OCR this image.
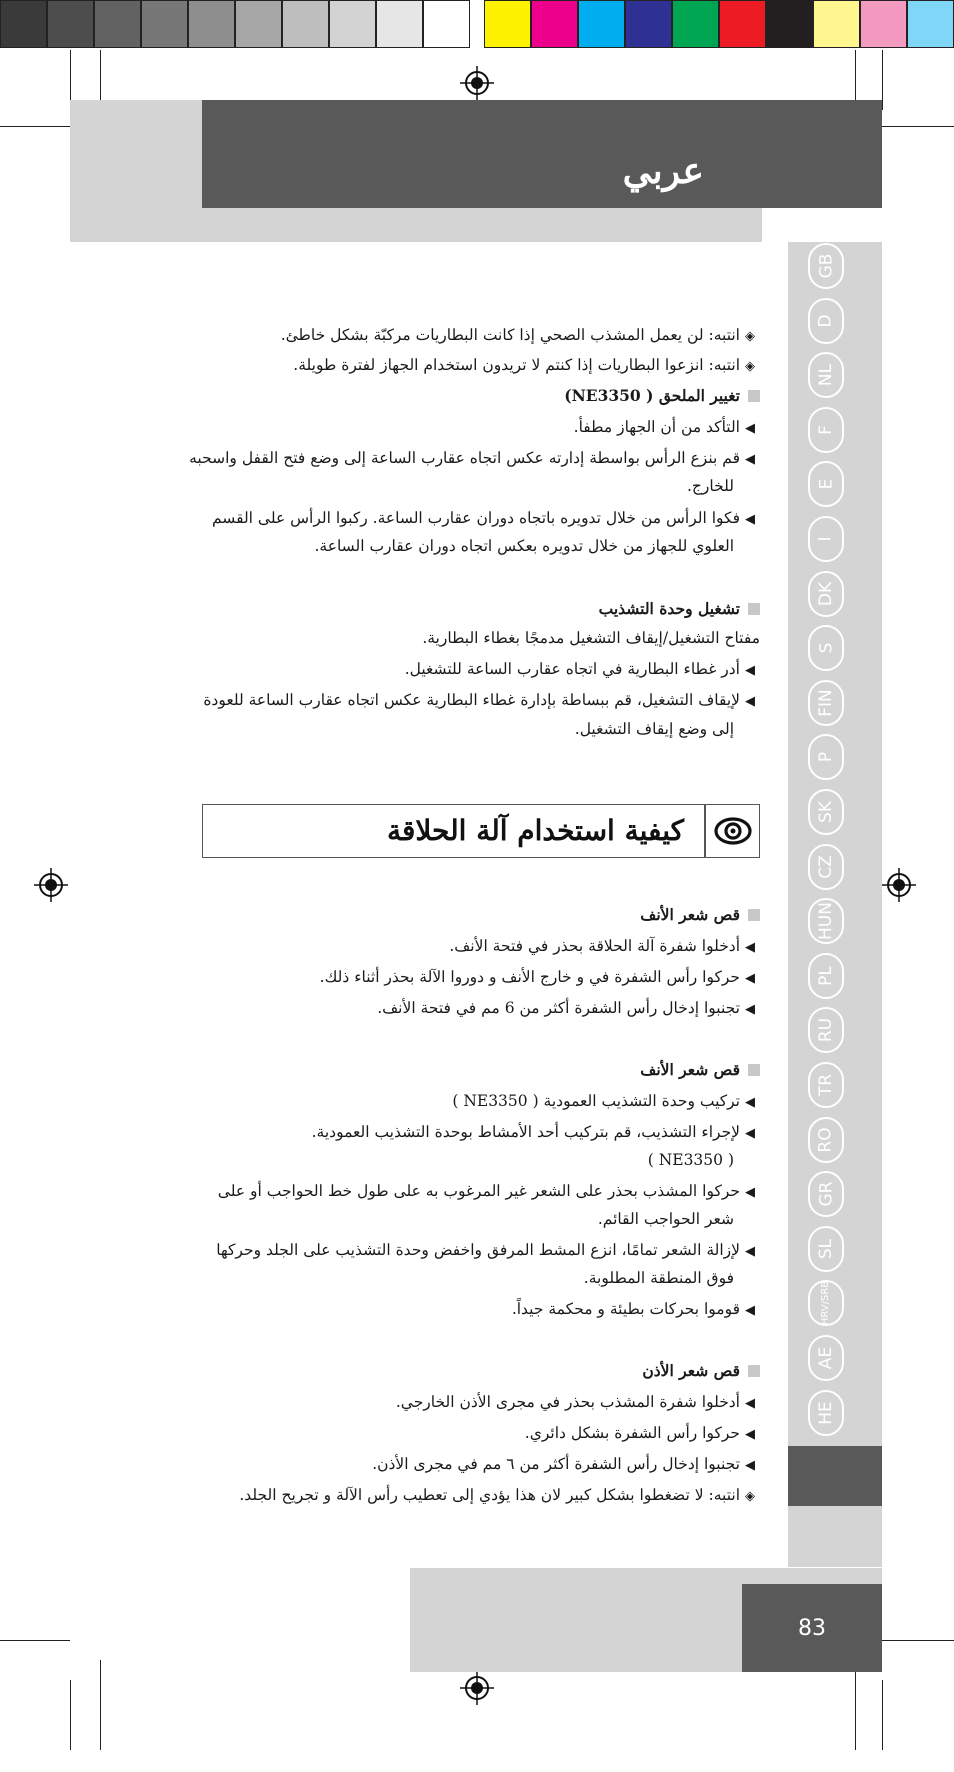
عربي
GB
D
NL
F
E
I
DK
S
FIN
P
SK
CZ
HUN
PL
RU
TR
RO
GR
SL
HRV/SRB
AE
HE
83
◈انتبه: لن يعمل المشذب الصحي إذا كانت البطاريات مركبّة بشكل خاطئ.
◈انتبه: انزعوا البطاريات إذا كنتم لا تريدون استخدام الجهاز لفترة طويلة.
تغيير الملحق ( NE3350)
◀التأكد من أن الجهاز مطفأ.
◀قم بنزع الرأس بواسطة إدارته عكس اتجاه عقارب الساعة إلى وضع فتح القفل واسحبه
للخارج.
◀فكوا الرأس من خلال تدويره باتجاه دوران عقارب الساعة. ركبوا الرأس على القسم
العلوي للجهاز من خلال تدويره بعكس اتجاه دوران عقارب الساعة.
تشغيل وحدة التشذيب
مفتاح التشغيل/إيقاف التشغيل مدمجًا بغطاء البطارية.
◀أدر غطاء البطارية في اتجاه عقارب الساعة للتشغيل.
◀لإيقاف التشغيل، قم ببساطة بإدارة غطاء البطارية عكس اتجاه عقارب الساعة للعودة
إلى وضع إيقاف التشغيل.
كيفية استخدام آلة الحلاقة
قص شعر الأنف
◀أدخلوا شفرة آلة الحلاقة بحذر في فتحة الأنف.
◀حركوا رأس الشفرة في و خارج الأنف و دوروا الآلة بحذر أثناء ذلك.
◀تجنبوا إدخال رأس الشفرة أكثر من 6 مم في فتحة الأنف.
قص شعر الأنف
◀تركيب وحدة التشذيب العمودية ( NE3350 )
◀لإجراء التشذيب، قم بتركيب أحد الأمشاط بوحدة التشذيب العمودية.
( NE3350 )
◀حركوا المشذب بحذر على الشعر غير المرغوب به على طول خط الحواجب أو على
شعر الحواجب القائم.
◀لإزالة الشعر تمامًا، انزع المشط المرفق واخفض وحدة التشذيب على الجلد وحركها
فوق المنطقة المطلوبة.
◀قوموا بحركات بطيئة و محكمة جيداً.
قص شعر الأذن
◀أدخلوا شفرة المشذب بحذر في مجرى الأذن الخارجي.
◀حركوا رأس الشفرة بشكل دائري.
◀تجنبوا إدخال رأس الشفرة أكثر من ٦ مم في مجرى الأذن.
◈انتبه: لا تضغطوا بشكل كبير لان هذا يؤدي إلى تعطيب رأس الآلة و تجريح الجلد.
